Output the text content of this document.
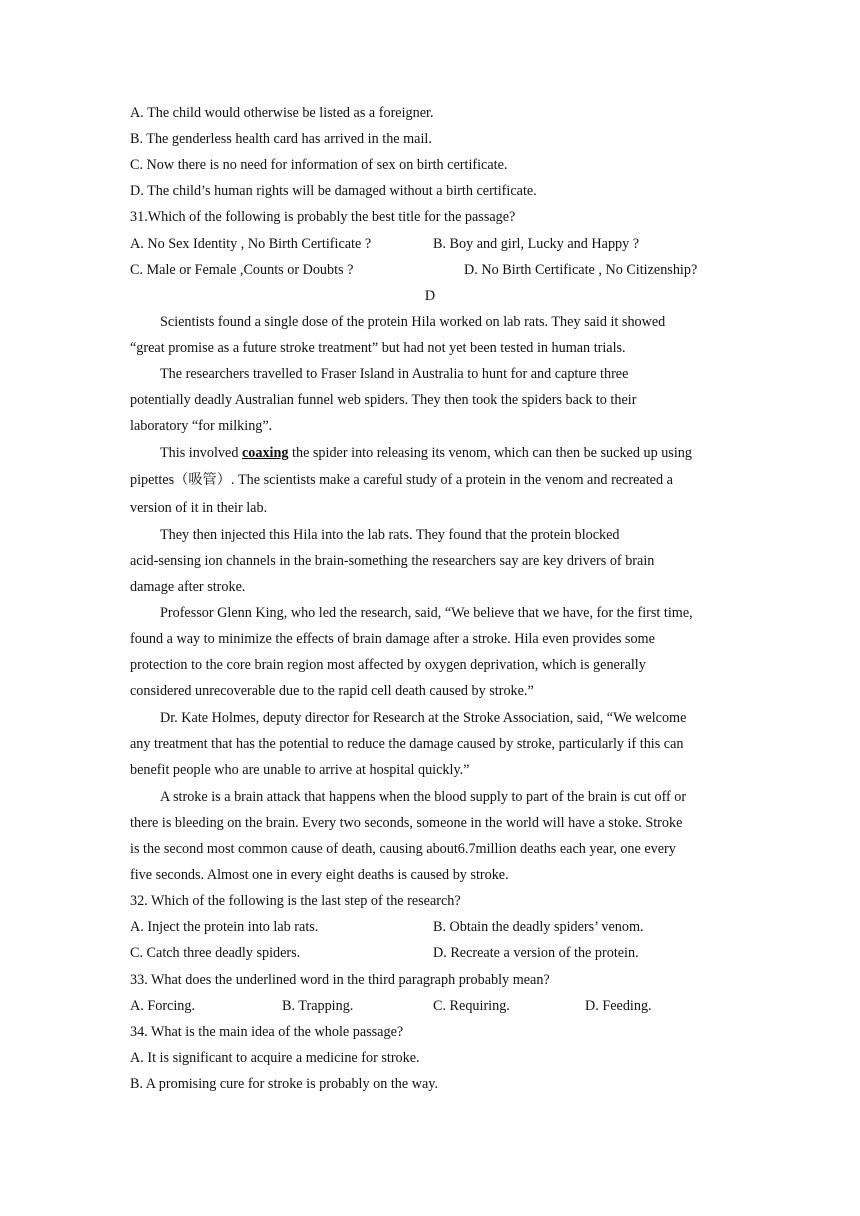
A. The child would otherwise be listed as a foreigner.
B. The genderless health card has arrived in the mail.
C. Now there is no need for information of sex on birth certificate.
D. The child’s human rights will be damaged without a birth certificate.
31.Which of the following is probably the best title for the passage?
A. No Sex Identity , No Birth Certificate ?	B. Boy and girl, Lucky and Happy ?
C. Male or Female ,Counts or Doubts ?	D. No Birth Certificate , No Citizenship?
D
Scientists found a single dose of the protein Hila worked on lab rats. They said it showed
“great promise as a future stroke treatment” but had not yet been tested in human trials.
The researchers travelled to Fraser Island in Australia to hunt for and capture three
potentially deadly Australian funnel web spiders. They then took the spiders back to their
laboratory “for milking”.
This involved coaxing the spider into releasing its venom, which can then be sucked up using
pipettes（吸管）. The scientists make a careful study of a protein in the venom and recreated a
version of it in their lab.
They then injected this Hila into the lab rats. They found that the protein blocked
acid-sensing ion channels in the brain-something the researchers say are key drivers of brain
damage after stroke.
Professor Glenn King, who led the research, said, “We believe that we have, for the first time,
found a way to minimize the effects of brain damage after a stroke. Hila even provides some
protection to the core brain region most affected by oxygen deprivation, which is generally
considered unrecoverable due to the rapid cell death caused by stroke.”
Dr. Kate Holmes, deputy director for Research at the Stroke Association, said, “We welcome
any treatment that has the potential to reduce the damage caused by stroke, particularly if this can
benefit people who are unable to arrive at hospital quickly.”
A stroke is a brain attack that happens when the blood supply to part of the brain is cut off or
there is bleeding on the brain. Every two seconds, someone in the world will have a stoke. Stroke
is the second most common cause of death, causing about6.7million deaths each year, one every
five seconds. Almost one in every eight deaths is caused by stroke.
32. Which of the following is the last step of the research?
A. Inject the protein into lab rats.	B. Obtain the deadly spiders’ venom.
C. Catch three deadly spiders.	D. Recreate a version of the protein.
33. What does the underlined word in the third paragraph probably mean?
A. Forcing.	B. Trapping.	C. Requiring.	D. Feeding.
34. What is the main idea of the whole passage?
A. It is significant to acquire a medicine for stroke.
B. A promising cure for stroke is probably on the way.
